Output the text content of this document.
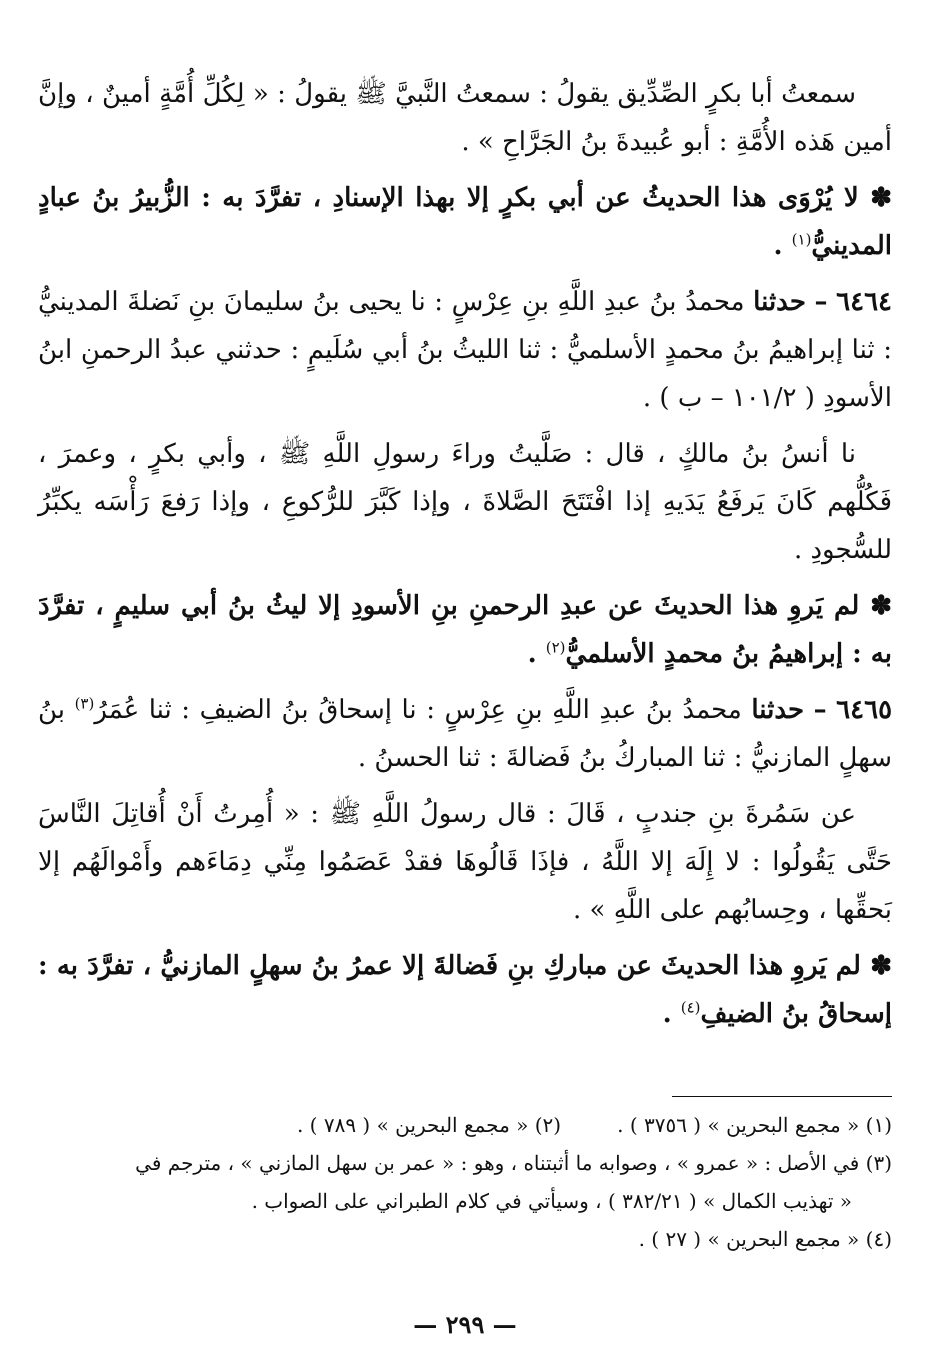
سمعتُ أبا بكرٍ الصِّدِّيق يقولُ : سمعتُ النَّبيَّ ﷺ يقولُ : « لِكُلِّ أُمَّةٍ أمينٌ ، وإنَّ أمين هَذه الأُمَّةِ : أبو عُبيدةَ بنُ الجَرَّاحِ » .

✽ لا يُرْوَى هذا الحديثُ عن أبي بكرٍ إلا بهذا الإسنادِ ، تفرَّدَ به : الزُّبيرُ بنُ عبادٍ المدينيُّ$^{(١)}$ .

٦٤٦٤ – حدثنا محمدُ بنُ عبدِ اللَّهِ بنِ عِرْسٍ : نا يحيى بنُ سليمانَ بنِ نَضلةَ المدينيُّ : ثنا إبراهيمُ بنُ محمدٍ الأسلميُّ : ثنا الليثُ بنُ أبي سُلَيمٍ : حدثني عبدُ الرحمنِ ابنُ الأسودِ ( ١٠١/٢ – ب ) .

نا أنسُ بنُ مالكٍ ، قال : صَلَّيتُ وراءَ رسولِ اللَّهِ ﷺ ، وأبي بكرٍ ، وعمرَ ، فَكُلُّهم كَانَ يَرفَعُ يَدَيهِ إذا افْتَتَحَ الصَّلاةَ ، وإذا كَبَّرَ للرُّكوعِ ، وإذا رَفعَ رَأْسَه يكبِّرُ للسُّجودِ .

✽ لم يَروِ هذا الحديثَ عن عبدِ الرحمنِ بنِ الأسودِ إلا ليثُ بنُ أبي سليمٍ ، تفرَّدَ به : إبراهيمُ بنُ محمدٍ الأسلميُّ$^{(٢)}$ .

٦٤٦٥ – حدثنا محمدُ بنُ عبدِ اللَّهِ بنِ عِرْسٍ : نا إسحاقُ بنُ الضيفِ : ثنا عُمَرُ$^{(٣)}$ بنُ سهلٍ المازنيُّ : ثنا المباركُ بنُ فَضالةَ : ثنا الحسنُ .

عن سَمُرةَ بنِ جندبٍ ، قَالَ : قال رسولُ اللَّهِ ﷺ : « أُمِرتُ أَنْ أُقاتِلَ النَّاسَ حَتَّى يَقُولُوا : لا إِلَهَ إلا اللَّهُ ، فإذَا قَالُوهَا فقدْ عَصَمُوا مِنِّي دِمَاءَهم وأَمْوالَهُم إلا بَحقِّها ، وحِسابُهم على اللَّهِ » .

✽ لم يَروِ هذا الحديثَ عن مباركِ بنِ فَضالةَ إلا عمرُ بنُ سهلٍ المازنيُّ ، تفرَّدَ به : إسحاقُ بنُ الضيفِ$^{(٤)}$ .

(١) « مجمع البحرين » ( ٣٧٥٦ ) .
(٢) « مجمع البحرين » ( ٧٨٩ ) .
(٣) في الأصل : « عمرو » ، وصوابه ما أثبتناه ، وهو : « عمر بن سهل المازني » ، مترجم في
« تهذيب الكمال » ( ٣٨٢/٢١ ) ، وسيأتي في كلام الطبراني على الصواب .
(٤) « مجمع البحرين » ( ٢٧ ) .
— ٢٩٩ —
